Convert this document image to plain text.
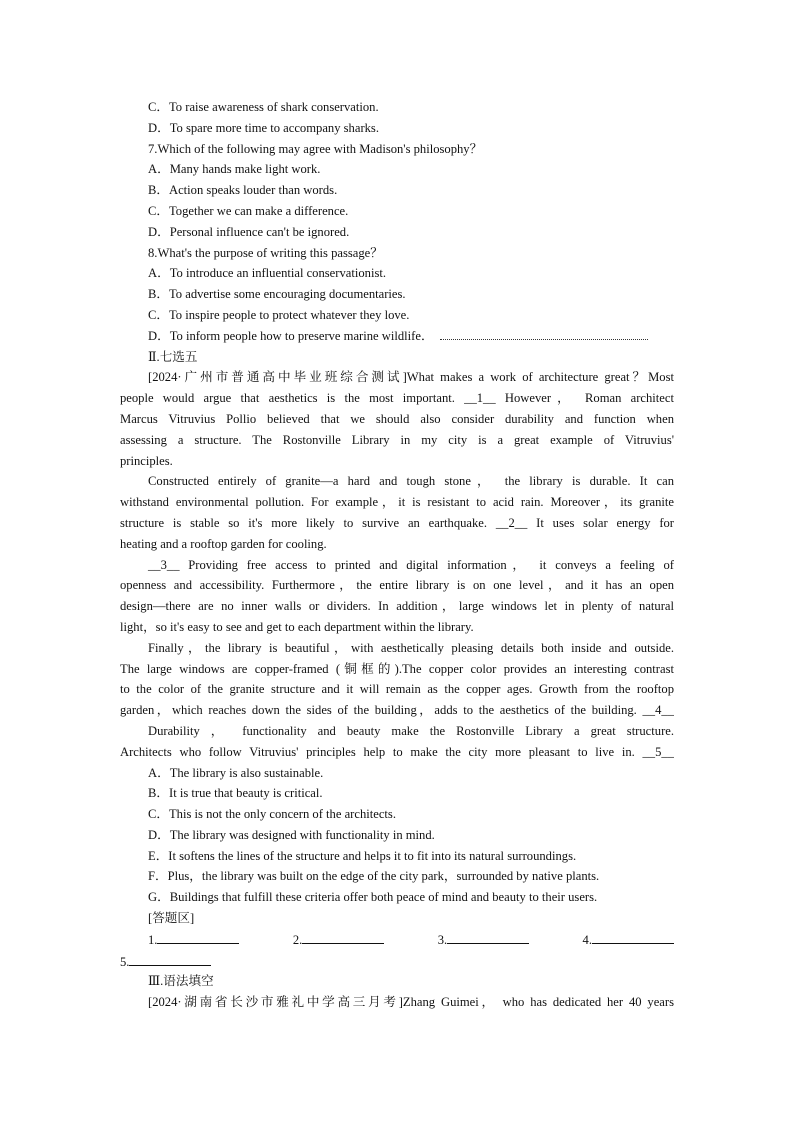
C．To raise awareness of shark conservation.
D．To spare more time to accompany sharks.
7.Which of the following may agree with Madison's philosophy？
A．Many hands make light work.
B．Action speaks louder than words.
C．Together we can make a difference.
D．Personal influence can't be ignored.
8.What's the purpose of writing this passage？
A．To introduce an influential conservationist.
B．To advertise some encouraging documentaries.
C．To inspire people to protect whatever they love.
D．To inform people how to preserve marine wildlife．
Ⅱ.七选五
[2024·广州市普通高中毕业班综合测试]What makes a work of architecture great？Most
people would argue that aesthetics is the most important. __1__ However， Roman architect
Marcus Vitruvius Pollio believed that we should also consider durability and function when
assessing a structure. The Rostonville Library in my city is a great example of Vitruvius'
principles.
Constructed entirely of granite—a hard and tough stone， the library is durable. It can
withstand environmental pollution. For example，it is resistant to acid rain. Moreover，its granite
structure is stable so it's more likely to survive an earthquake. __2__ It uses solar energy for
heating and a rooftop garden for cooling.
__3__ Providing free access to printed and digital information， it conveys a feeling of
openness and accessibility. Furthermore，the entire library is on one level，and it has an open
design—there are no inner walls or dividers. In addition，large windows let in plenty of natural
light，so it's easy to see and get to each department within the library.
Finally，the library is beautiful，with aesthetically pleasing details both inside and outside.
The large windows are copper-framed (铜框的).The copper color provides an interesting contrast
to the color of the granite structure and it will remain as the copper ages. Growth from the rooftop
garden，which reaches down the sides of the building，adds to the aesthetics of the building. __4__
Durability ， functionality and beauty make the Rostonville Library a great structure.
Architects who follow Vitruvius' principles help to make the city more pleasant to live in. __5__
A．The library is also sustainable.
B．It is true that beauty is critical.
C．This is not the only concern of the architects.
D．The library was designed with functionality in mind.
E．It softens the lines of the structure and helps it to fit into its natural surroundings.
F．Plus，the library was built on the edge of the city park，surrounded by native plants.
G．Buildings that fulfill these criteria offer both peace of mind and beauty to their users.
[答题区]
1.	2.	3.	4.
5.
Ⅲ.语法填空
[2024·湖南省长沙市雅礼中学高三月考]Zhang Guimei， who has dedicated her 40 years
